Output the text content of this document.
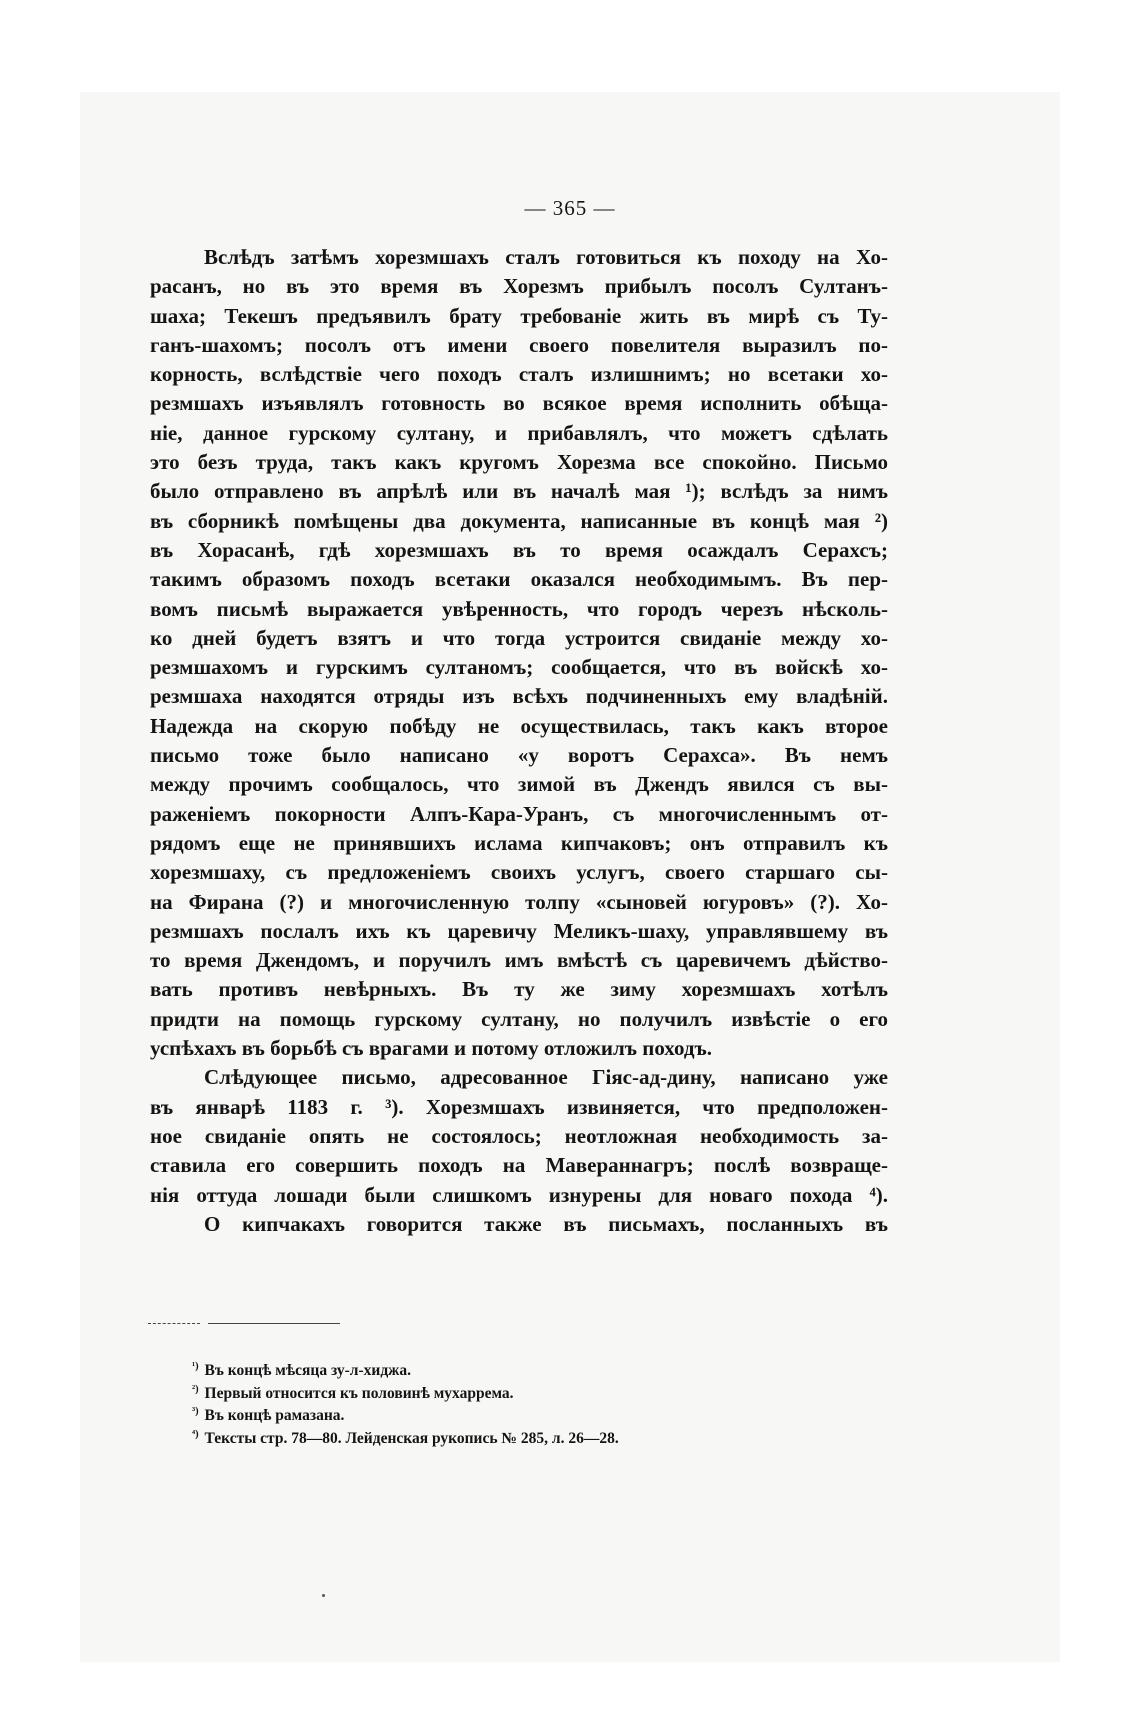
— 365 —
Вслѣдъ затѣмъ хорезмшахъ сталъ готовиться къ походу на Хо-
расанъ, но въ это время въ Хорезмъ прибылъ посолъ Султанъ-
шаха; Текешъ предъявилъ брату требованіе жить въ мирѣ съ Ту-
ганъ-шахомъ; посолъ отъ имени своего повелителя выразилъ по-
корность, вслѣдствіе чего походъ сталъ излишнимъ; но всетаки хо-
резмшахъ изъявлялъ готовность во всякое время исполнить обѣща-
ніе, данное гурскому султану, и прибавлялъ, что можетъ сдѣлать
это безъ труда, такъ какъ кругомъ Хорезма все спокойно. Письмо
было отправлено въ апрѣлѣ или въ началѣ мая ¹); вслѣдъ за нимъ
въ сборникѣ помѣщены два документа, написанные въ концѣ мая ²)
въ Хорасанѣ, гдѣ хорезмшахъ въ то время осаждалъ Серахсъ;
такимъ образомъ походъ всетаки оказался необходимымъ. Въ пер-
вомъ письмѣ выражается увѣренность, что городъ черезъ нѣсколь-
ко дней будетъ взятъ и что тогда устроится свиданіе между хо-
резмшахомъ и гурскимъ султаномъ; сообщается, что въ войскѣ хо-
резмшаха находятся отряды изъ всѣхъ подчиненныхъ ему владѣній.
Надежда на скорую побѣду не осуществилась, такъ какъ второе
письмо тоже было написано «у воротъ Серахса». Въ немъ
между прочимъ сообщалось, что зимой въ Джендъ явился съ вы-
раженіемъ покорности Алпъ-Кара-Уранъ, съ многочисленнымъ от-
рядомъ еще не принявшихъ ислама кипчаковъ; онъ отправилъ къ
хорезмшаху, съ предложеніемъ своихъ услугъ, своего старшаго сы-
на Фирана (?) и многочисленную толпу «сыновей югуровъ» (?). Хо-
резмшахъ послалъ ихъ къ царевичу Меликъ-шаху, управлявшему въ
то время Джендомъ, и поручилъ имъ вмѣстѣ съ царевичемъ дѣйство-
вать противъ невѣрныхъ. Въ ту же зиму хорезмшахъ хотѣлъ
придти на помощь гурскому султану, но получилъ извѣстіе о его
успѣхахъ въ борьбѣ съ врагами и потому отложилъ походъ.
Слѣдующее письмо, адресованное Гіяс-ад-дину, написано уже
въ январѣ 1183 г. ³). Хорезмшахъ извиняется, что предположен-
ное свиданіе опять не состоялось; неотложная необходимость за-
ставила его совершить походъ на Мавераннагръ; послѣ возвраще-
нія оттуда лошади были слишкомъ изнурены для новаго похода ⁴).
О кипчакахъ говорится также въ письмахъ, посланныхъ въ
$^{^1)}$ Въ концѣ мѣсяца зу-л-хиджа.
$^{^2)}$ Первый относится къ половинѣ мухаррема.
$^{^3)}$ Въ концѣ рамазана.
$^{^4)}$ Тексты стр. 78—80. Лейденская рукопись № 285, л. 26—28.
